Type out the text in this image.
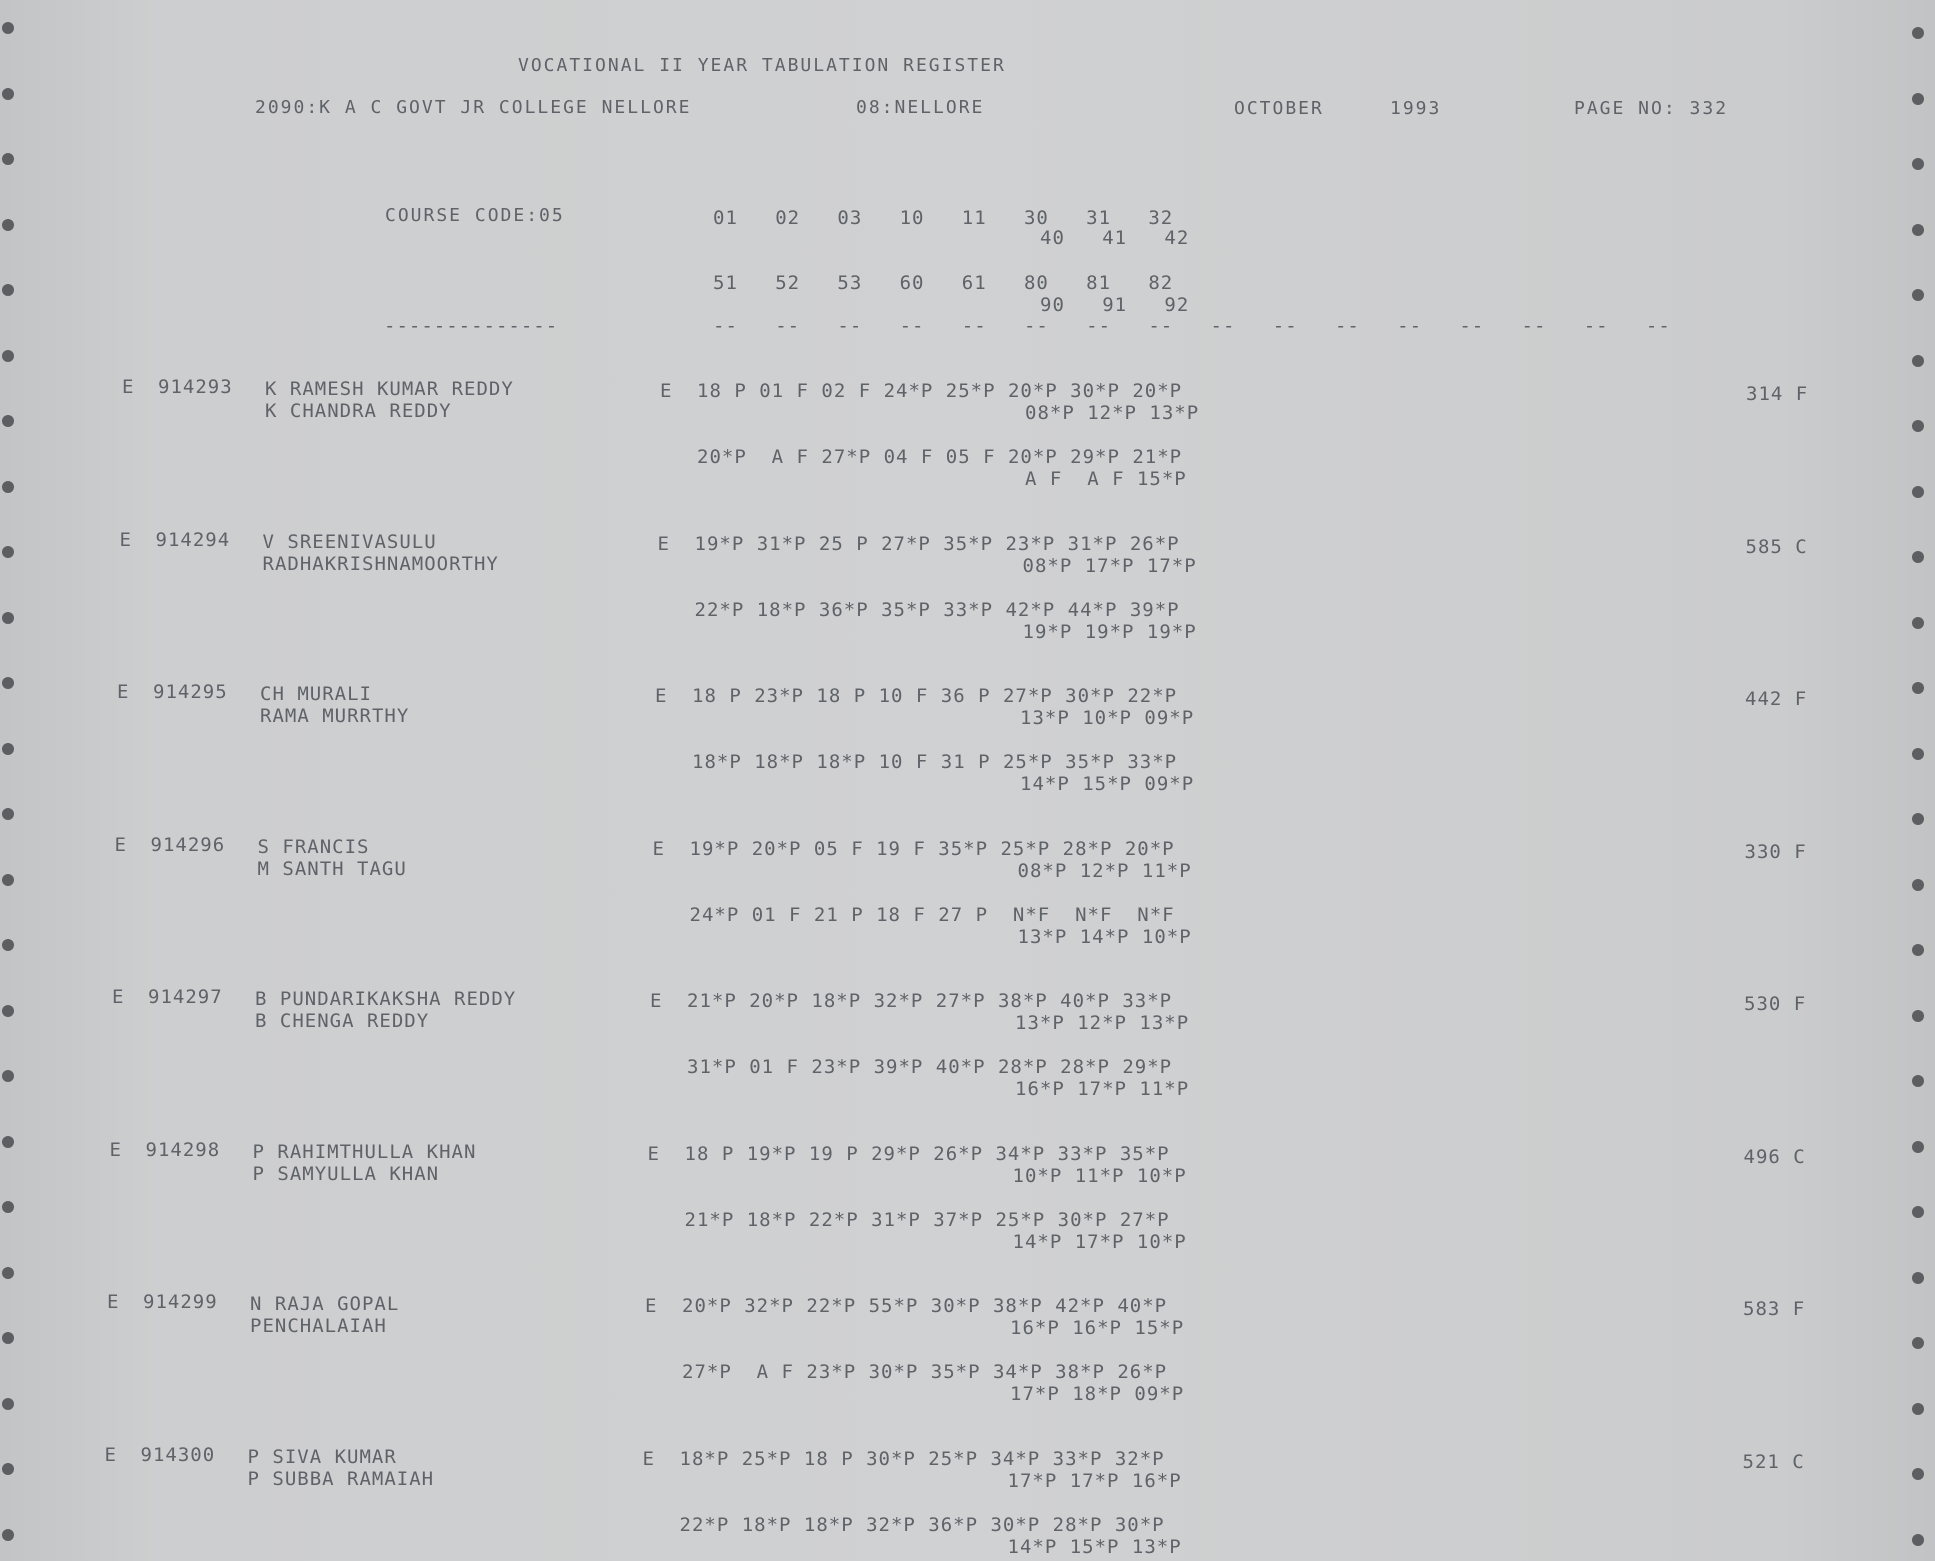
VOCATIONAL II YEAR TABULATION REGISTER
2090:K A C GOVT JR COLLEGE NELLORE	08:NELLORE	OCTOBER	1993	PAGE NO: 332
COURSE CODE:05	01   02   03   10   11   30   31   32
40   41   42
51   52   53   60   61   80   81   82
90   91   92
--------------	--   --   --   --   --   --   --   --   --   --   --   --   --   --   --   --
E 914293 K RAMESH KUMAR REDDY
K CHANDRA REDDY
E 18 P 01 F 02 F 24*P 25*P 20*P 30*P 20*P
08*P 12*P 13*P
20*P  A F 27*P 04 F 05 F 20*P 29*P 21*P
A F  A F 15*P
314 F
E 914294 V SREENIVASULU
RADHAKRISHNAMOORTHY
E 19*P 31*P 25 P 27*P 35*P 23*P 31*P 26*P
08*P 17*P 17*P
22*P 18*P 36*P 35*P 33*P 42*P 44*P 39*P
19*P 19*P 19*P
585 C
E 914295 CH MURALI
RAMA MURRTHY
E 18 P 23*P 18 P 10 F 36 P 27*P 30*P 22*P
13*P 10*P 09*P
18*P 18*P 18*P 10 F 31 P 25*P 35*P 33*P
14*P 15*P 09*P
442 F
E 914296 S FRANCIS
M SANTH TAGU
E 19*P 20*P 05 F 19 F 35*P 25*P 28*P 20*P
08*P 12*P 11*P
24*P 01 F 21 P 18 F 27 P  N*F  N*F  N*F
13*P 14*P 10*P
330 F
E 914297 B PUNDARIKAKSHA REDDY
B CHENGA REDDY
E 21*P 20*P 18*P 32*P 27*P 38*P 40*P 33*P
13*P 12*P 13*P
31*P 01 F 23*P 39*P 40*P 28*P 28*P 29*P
16*P 17*P 11*P
530 F
E 914298 P RAHIMTHULLA KHAN
P SAMYULLA KHAN
E 18 P 19*P 19 P 29*P 26*P 34*P 33*P 35*P
10*P 11*P 10*P
21*P 18*P 22*P 31*P 37*P 25*P 30*P 27*P
14*P 17*P 10*P
496 C
E 914299 N RAJA GOPAL
PENCHALAIAH
E 20*P 32*P 22*P 55*P 30*P 38*P 42*P 40*P
16*P 16*P 15*P
27*P  A F 23*P 30*P 35*P 34*P 38*P 26*P
17*P 18*P 09*P
583 F
E 914300 P SIVA KUMAR
P SUBBA RAMAIAH
E 18*P 25*P 18 P 30*P 25*P 34*P 33*P 32*P
17*P 17*P 16*P
22*P 18*P 18*P 32*P 36*P 30*P 28*P 30*P
14*P 15*P 13*P
521 C
